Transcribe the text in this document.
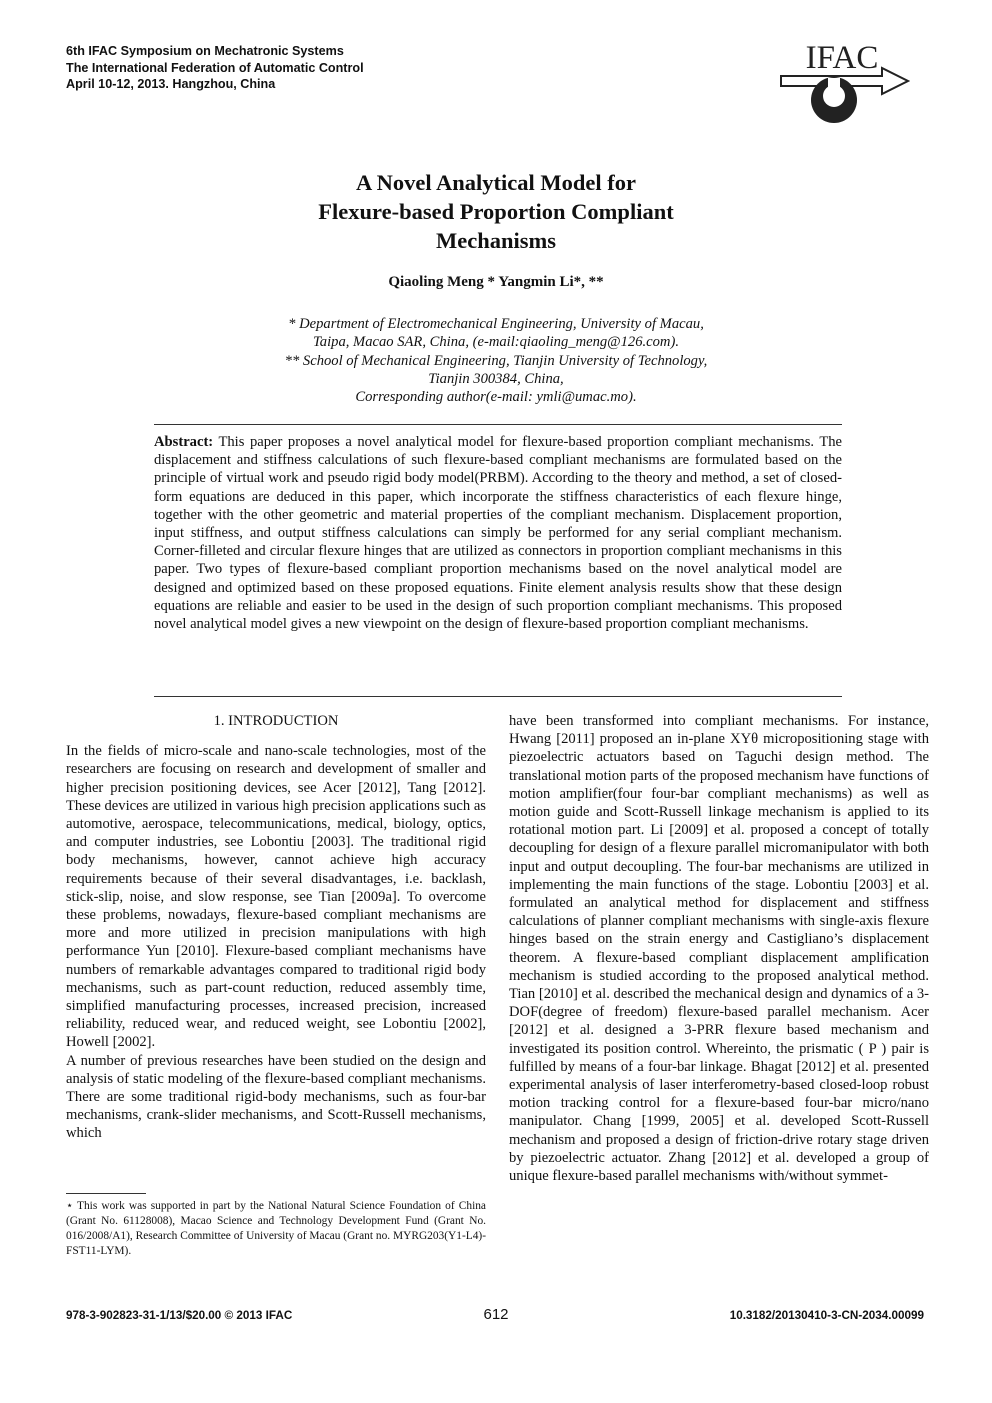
6th IFAC Symposium on Mechatronic Systems
The International Federation of Automatic Control
April 10-12, 2013. Hangzhou, China
IFAC
A Novel Analytical Model for
Flexure-based Proportion Compliant
Mechanisms
Qiaoling Meng * Yangmin Li*, **
* Department of Electromechanical Engineering, University of Macau,
Taipa, Macao SAR, China, (e-mail:qiaoling_meng@126.com).
** School of Mechanical Engineering, Tianjin University of Technology,
Tianjin 300384, China,
Corresponding author(e-mail: ymli@umac.mo).
Abstract: This paper proposes a novel analytical model for flexure-based proportion compliant mechanisms. The displacement and stiffness calculations of such flexure-based compliant mechanisms are formulated based on the principle of virtual work and pseudo rigid body model(PRBM). According to the theory and method, a set of closed-form equations are deduced in this paper, which incorporate the stiffness characteristics of each flexure hinge, together with the other geometric and material properties of the compliant mechanism. Displacement proportion, input stiffness, and output stiffness calculations can simply be performed for any serial compliant mechanism. Corner-filleted and circular flexure hinges that are utilized as connectors in proportion compliant mechanisms in this paper. Two types of flexure-based compliant proportion mechanisms based on the novel analytical model are designed and optimized based on these proposed equations. Finite element analysis results show that these design equations are reliable and easier to be used in the design of such proportion compliant mechanisms. This proposed novel analytical model gives a new viewpoint on the design of flexure-based proportion compliant mechanisms.
1. INTRODUCTION

In the fields of micro-scale and nano-scale technologies, most of the researchers are focusing on research and development of smaller and higher precision positioning devices, see Acer [2012], Tang [2012]. These devices are utilized in various high precision applications such as automotive, aerospace, telecommunications, medical, biology, optics, and computer industries, see Lobontiu [2003]. The traditional rigid body mechanisms, however, cannot achieve high accuracy requirements because of their several disadvantages, i.e. backlash, stick-slip, noise, and slow response, see Tian [2009a]. To overcome these problems, nowadays, flexure-based compliant mechanisms are more and more utilized in precision manipulations with high performance Yun [2010]. Flexure-based compliant mechanisms have numbers of remarkable advantages compared to traditional rigid body mechanisms, such as part-count reduction, reduced assembly time, simplified manufacturing processes, increased precision, increased reliability, reduced wear, and reduced weight, see Lobontiu [2002], Howell [2002].

A number of previous researches have been studied on the design and analysis of static modeling of the flexure-based compliant mechanisms. There are some traditional rigid-body mechanisms, such as four-bar mechanisms, crank-slider mechanisms, and Scott-Russell mechanisms, which

have been transformed into compliant mechanisms. For instance, Hwang [2011] proposed an in-plane XYθ micropositioning stage with piezoelectric actuators based on Taguchi design method. The translational motion parts of the proposed mechanism have functions of motion amplifier(four four-bar compliant mechanisms) as well as motion guide and Scott-Russell linkage mechanism is applied to its rotational motion part. Li [2009] et al. proposed a concept of totally decoupling for design of a flexure parallel micromanipulator with both input and output decoupling. The four-bar mechanisms are utilized in implementing the main functions of the stage. Lobontiu [2003] et al. formulated an analytical method for displacement and stiffness calculations of planner compliant mechanisms with single-axis flexure hinges based on the strain energy and Castigliano’s displacement theorem. A flexure-based compliant displacement amplification mechanism is studied according to the proposed analytical method. Tian [2010] et al. described the mechanical design and dynamics of a 3-DOF(degree of freedom) flexure-based parallel mechanism. Acer [2012] et al. designed a 3-PRR flexure based mechanism and investigated its position control. Whereinto, the prismatic ( P ) pair is fulfilled by means of a four-bar linkage. Bhagat [2012] et al. presented experimental analysis of laser interferometry-based closed-loop robust motion tracking control for a flexure-based four-bar micro/nano manipulator. Chang [1999, 2005] et al. developed Scott-Russell mechanism and proposed a design of friction-drive rotary stage driven by piezoelectric actuator. Zhang [2012] et al. developed a group of unique flexure-based parallel mechanisms with/without symmet-

⋆ This work was supported in part by the National Natural Science Foundation of China (Grant No. 61128008), Macao Science and Technology Development Fund (Grant No. 016/2008/A1), Research Committee of University of Macau (Grant no. MYRG203(Y1-L4)-FST11-LYM).
978-3-902823-31-1/13/$20.00 © 2013 IFAC	612	10.3182/20130410-3-CN-2034.00099
